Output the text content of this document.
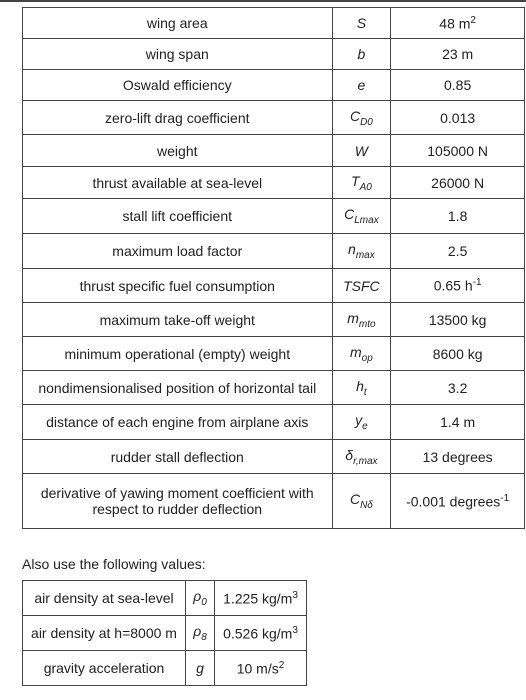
wing area	S	48 $m^2$
wing span	b	23 m
Oswald efficiency	e	0.85
zero-lift drag coefficient	$C_{D0}$	0.013
weight	W	105000 N
thrust available at sea-level	$T_{A0}$	26000 N
stall lift coefficient	$C_{Lmax}$	1.8
maximum load factor	$n_{max}$	2.5
thrust specific fuel consumption	TSFC	0.65 $h^{-1}$
maximum take-off weight	$m_{mto}$	13500 kg
minimum operational (empty) weight	$m_{op}$	8600 kg
nondimensionalised position of horizontal tail	$h_t$	3.2
distance of each engine from airplane axis	$y_e$	1.4 m
rudder stall deflection	$\delta_{r,max}$	13 degrees
derivative of yawing moment coefficient with respect to rudder deflection	$C_{N\delta}$	-0.001 degrees$^{-1}$
Also use the following values:
air density at sea-level	$\rho_0$	1.225 $kg/m^3$
air density at h=8000 m	$\rho_8$	0.526 $kg/m^3$
gravity acceleration	g	10 $m/s^2$
